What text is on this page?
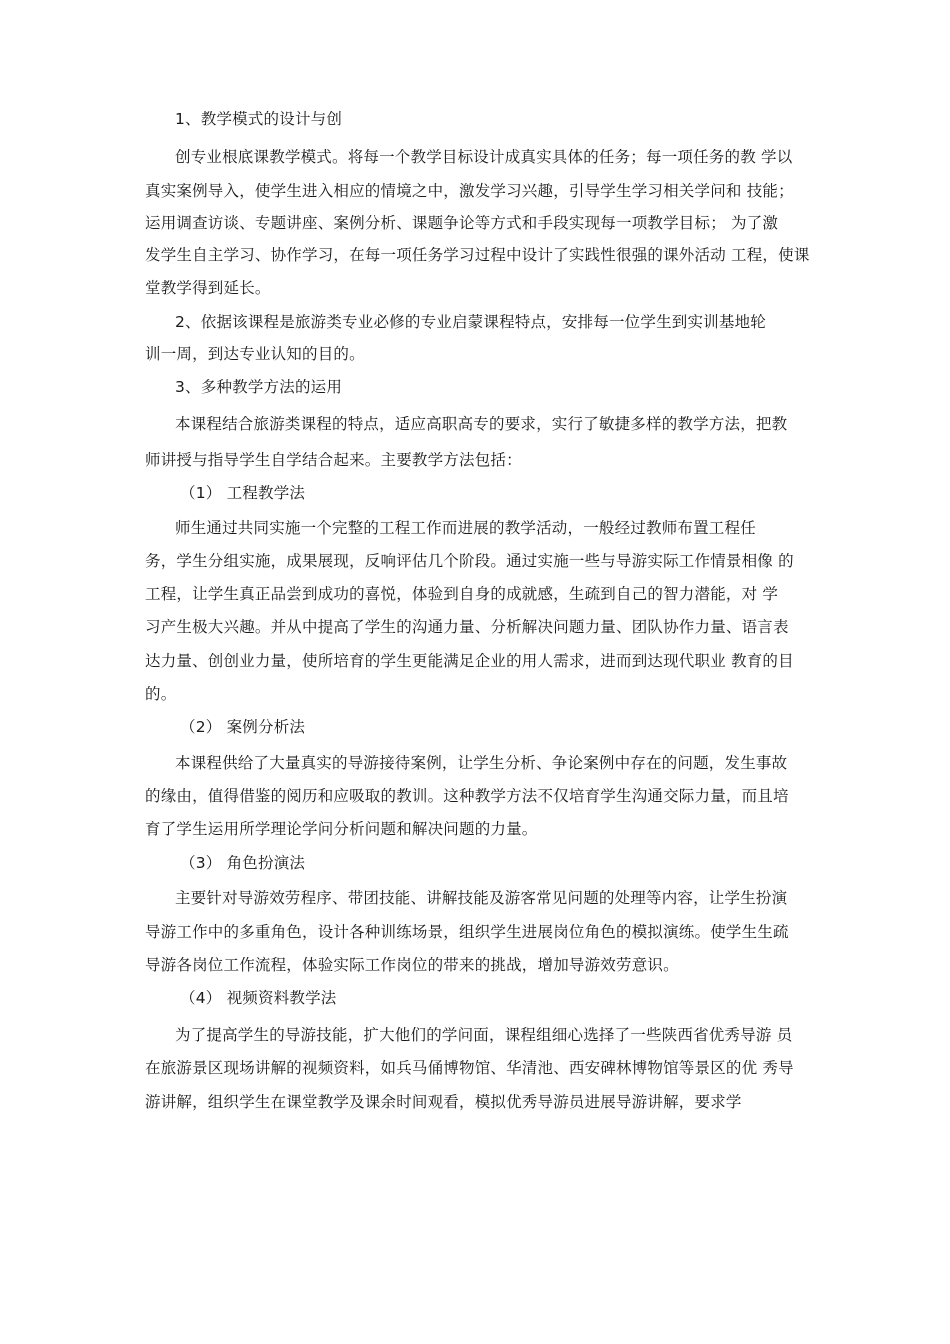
1、教学模式的设计与创

创专业根底课教学模式。将每一个教学目标设计成真实具体的任务；每一项任务的教 学以

真实案例导入，使学生进入相应的情境之中，激发学习兴趣，引导学生学习相关学问和 技能；

运用调查访谈、专题讲座、案例分析、课题争论等方式和手段实现每一项教学目标； 为了激

发学生自主学习、协作学习，在每一项任务学习过程中设计了实践性很强的课外活动 工程，使课

堂教学得到延长。

2、依据该课程是旅游类专业必修的专业启蒙课程特点，安排每一位学生到实训基地轮

训一周，到达专业认知的目的。

3、多种教学方法的运用

本课程结合旅游类课程的特点，适应高职高专的要求，实行了敏捷多样的教学方法，把教

师讲授与指导学生自学结合起来。主要教学方法包括：

（1） 工程教学法

师生通过共同实施一个完整的工程工作而进展的教学活动，一般经过教师布置工程任

务，学生分组实施，成果展现，反响评估几个阶段。通过实施一些与导游实际工作情景相像 的

工程，让学生真正品尝到成功的喜悦，体验到自身的成就感，生疏到自己的智力潜能，对 学

习产生极大兴趣。并从中提高了学生的沟通力量、分析解决问题力量、团队协作力量、语言表

达力量、创创业力量，使所培育的学生更能满足企业的用人需求，进而到达现代职业 教育的目

的。

（2） 案例分析法

本课程供给了大量真实的导游接待案例，让学生分析、争论案例中存在的问题，发生事故

的缘由，值得借鉴的阅历和应吸取的教训。这种教学方法不仅培育学生沟通交际力量，而且培

育了学生运用所学理论学问分析问题和解决问题的力量。

（3） 角色扮演法

主要针对导游效劳程序、带团技能、讲解技能及游客常见问题的处理等内容，让学生扮演

导游工作中的多重角色，设计各种训练场景，组织学生进展岗位角色的模拟演练。使学生生疏

导游各岗位工作流程，体验实际工作岗位的带来的挑战，增加导游效劳意识。

（4） 视频资料教学法

为了提高学生的导游技能，扩大他们的学问面，课程组细心选择了一些陕西省优秀导游 员

在旅游景区现场讲解的视频资料，如兵马俑博物馆、华清池、西安碑林博物馆等景区的优 秀导

游讲解，组织学生在课堂教学及课余时间观看，模拟优秀导游员进展导游讲解，要求学
